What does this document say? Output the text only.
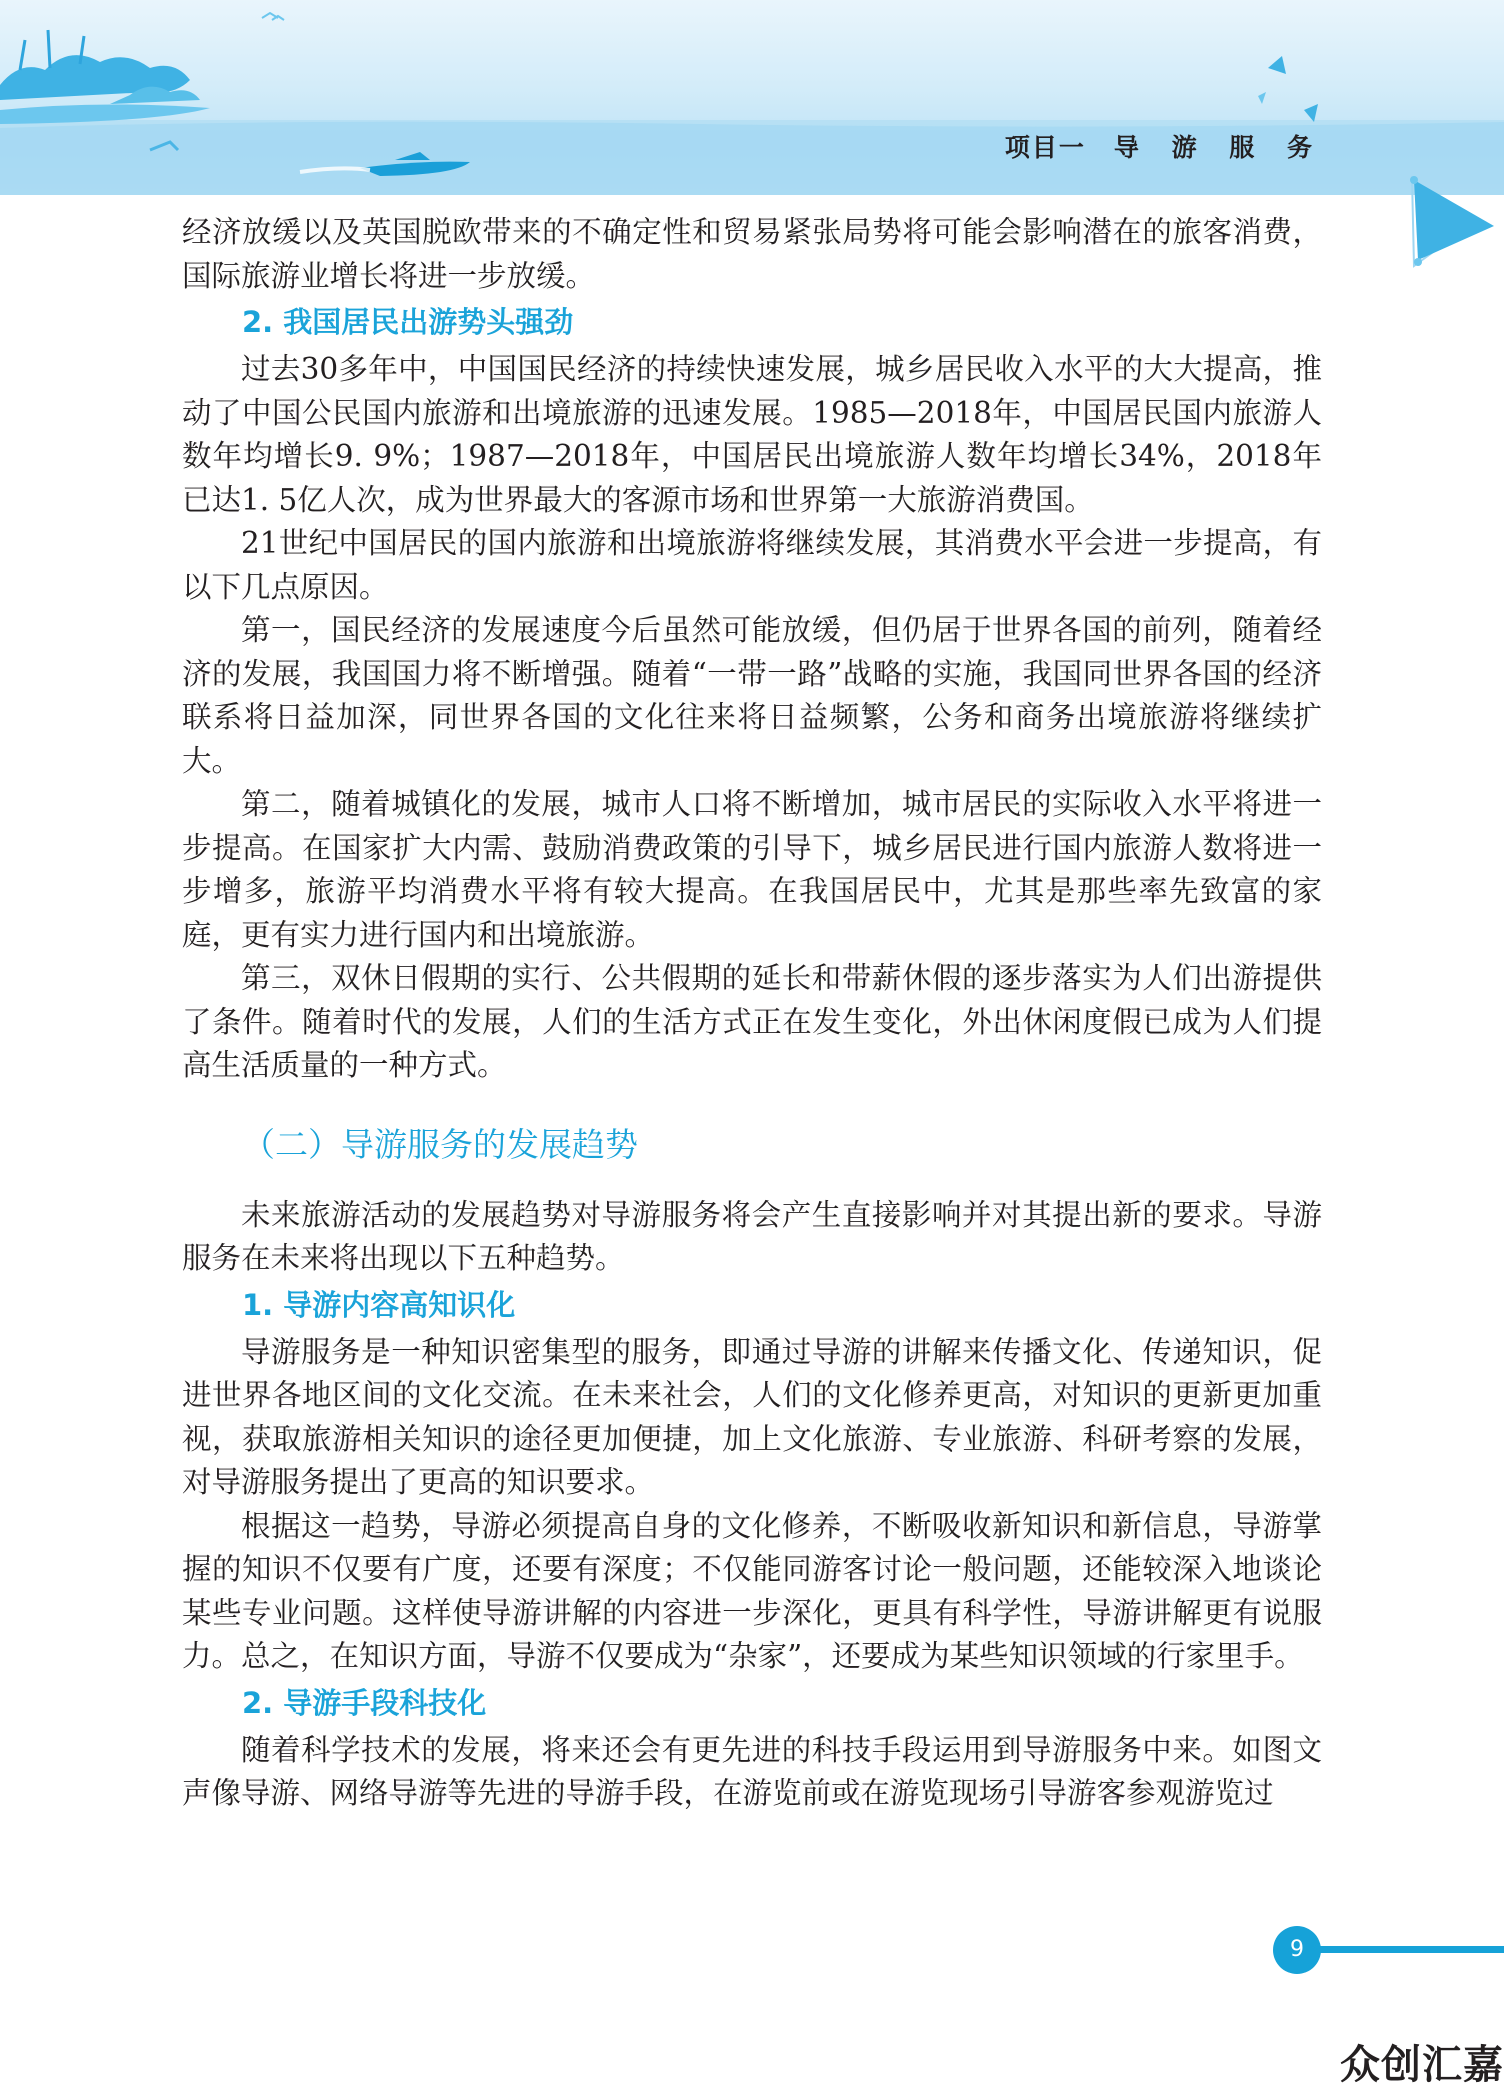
项目一 导 游 服 务

经济放缓以及英国脱欧带来的不确定性和贸易紧张局势将可能会影响潜在的旅客消费，国际旅游业增长将进一步放缓。

2. 我国居民出游势头强劲

过去30多年中，中国国民经济的持续快速发展，城乡居民收入水平的大大提高，推动了中国公民国内旅游和出境旅游的迅速发展。1985—2018年，中国居民国内旅游人数年均增长9. 9%；1987—2018年，中国居民出境旅游人数年均增长34%，2018年已达1. 5亿人次，成为世界最大的客源市场和世界第一大旅游消费国。

21世纪中国居民的国内旅游和出境旅游将继续发展，其消费水平会进一步提高，有以下几点原因。

第一，国民经济的发展速度今后虽然可能放缓，但仍居于世界各国的前列，随着经济的发展，我国国力将不断增强。随着“一带一路”战略的实施，我国同世界各国的经济联系将日益加深，同世界各国的文化往来将日益频繁，公务和商务出境旅游将继续扩大。

第二，随着城镇化的发展，城市人口将不断增加，城市居民的实际收入水平将进一步提高。在国家扩大内需、鼓励消费政策的引导下，城乡居民进行国内旅游人数将进一步增多，旅游平均消费水平将有较大提高。在我国居民中，尤其是那些率先致富的家庭，更有实力进行国内和出境旅游。

第三，双休日假期的实行、公共假期的延长和带薪休假的逐步落实为人们出游提供了条件。随着时代的发展，人们的生活方式正在发生变化，外出休闲度假已成为人们提高生活质量的一种方式。

（二）导游服务的发展趋势

未来旅游活动的发展趋势对导游服务将会产生直接影响并对其提出新的要求。导游服务在未来将出现以下五种趋势。

1. 导游内容高知识化

导游服务是一种知识密集型的服务，即通过导游的讲解来传播文化、传递知识，促进世界各地区间的文化交流。在未来社会，人们的文化修养更高，对知识的更新更加重视，获取旅游相关知识的途径更加便捷，加上文化旅游、专业旅游、科研考察的发展，对导游服务提出了更高的知识要求。

根据这一趋势，导游必须提高自身的文化修养，不断吸收新知识和新信息，导游掌握的知识不仅要有广度，还要有深度；不仅能同游客讨论一般问题，还能较深入地谈论某些专业问题。这样使导游讲解的内容进一步深化，更具有科学性，导游讲解更有说服力。总之，在知识方面，导游不仅要成为“杂家”，还要成为某些知识领域的行家里手。

2. 导游手段科技化

随着科学技术的发展，将来还会有更先进的科技手段运用到导游服务中来。如图文声像导游、网络导游等先进的导游手段，在游览前或在游览现场引导游客参观游览过

9
众创汇嘉
